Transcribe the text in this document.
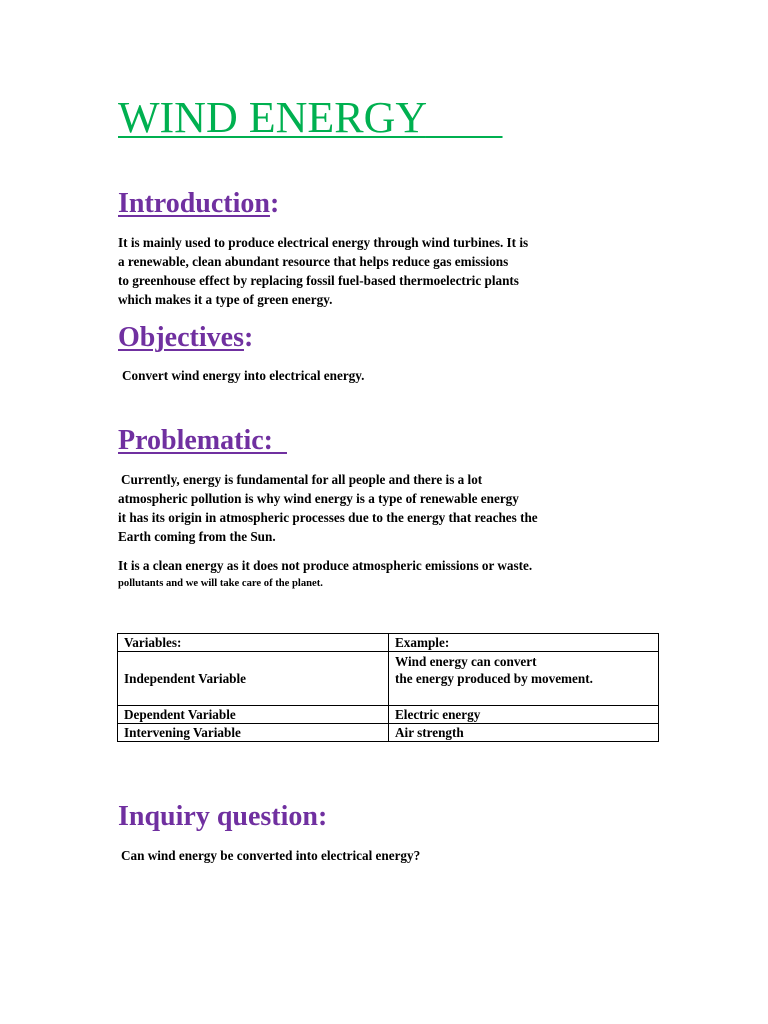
WIND ENERGY
Introduction:

It is mainly used to produce electrical energy through wind turbines. It is

a renewable, clean abundant resource that helps reduce gas emissions

to greenhouse effect by replacing fossil fuel-based thermoelectric plants

which makes it a type of green energy.

Objectives:

Convert wind energy into electrical energy.

Problematic:

Currently, energy is fundamental for all people and there is a lot

atmospheric pollution is why wind energy is a type of renewable energy

it has its origin in atmospheric processes due to the energy that reaches the

Earth coming from the Sun.

It is a clean energy as it does not produce atmospheric emissions or waste.

pollutants and we will take care of the planet.

Variables:	Example:
Independent Variable	Wind energy can convert
the energy produced by movement.

Dependent Variable	Electric energy

Intervening Variable	Air strength
Inquiry question:

Can wind energy be converted into electrical energy?
